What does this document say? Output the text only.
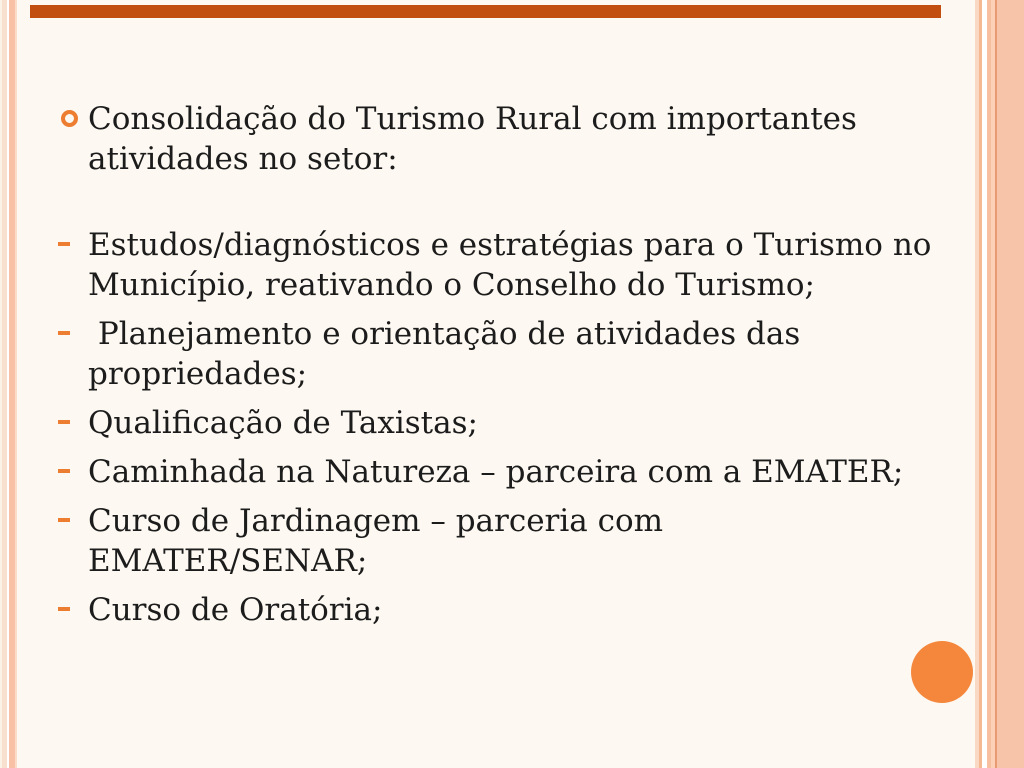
Consolidação do Turismo Rural com importantes atividades no setor:
Estudos/diagnósticos e estratégias para o Turismo no Município, reativando o Conselho do Turismo;
Planejamento e orientação de atividades das propriedades;
Qualificação de Taxistas;
Caminhada na Natureza – parceira com a EMATER;
Curso de Jardinagem – parceria com EMATER/SENAR;
Curso de Oratória;
